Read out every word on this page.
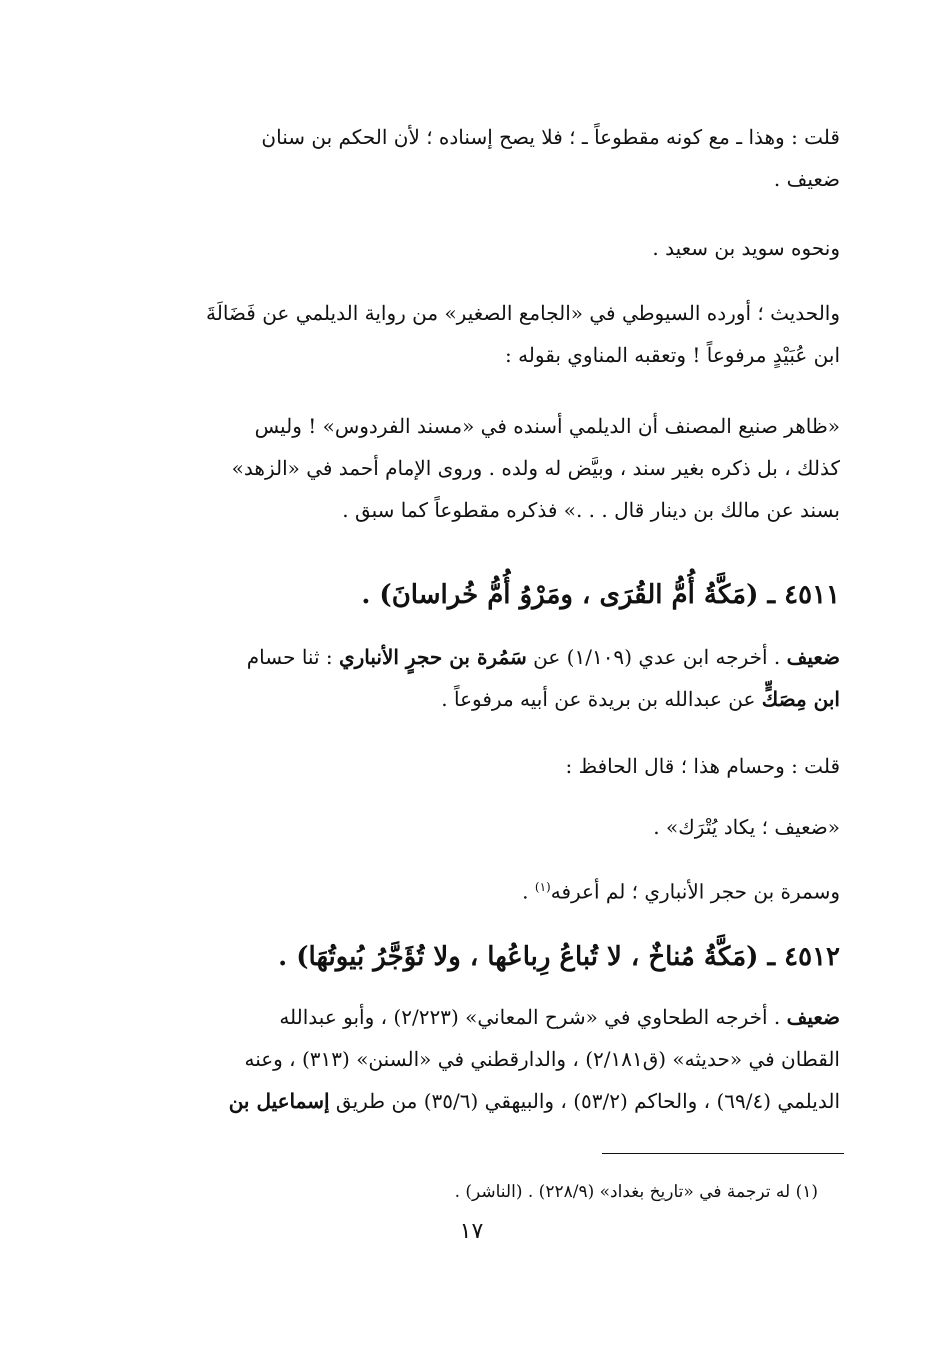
قلت : وهذا ـ مع كونه مقطوعاً ـ ؛ فلا يصح إسناده ؛ لأن الحكم بن سنان
ضعيف .

ونحوه سويد بن سعيد .

والحديث ؛ أورده السيوطي في «الجامع الصغير» من رواية الديلمي عن فَضَالَةَ
ابن عُبَيْدٍ مرفوعاً ! وتعقبه المناوي بقوله :

«ظاهر صنيع المصنف أن الديلمي أسنده في «مسند الفردوس» ! وليس
كذلك ، بل ذكره بغير سند ، وبيَّض له ولده . وروى الإمام أحمد في «الزهد»
بسند عن مالك بن دينار قال . . .» فذكره مقطوعاً كما سبق .

٤٥١١ ـ (مَكَّةُ أُمُّ القُرَى ، ومَرْوُ أُمُّ خُراسانَ) .

ضعيف . أخرجه ابن عدي (١/١٠٩) عن سَمُرة بن حجرٍ الأنباري : ثنا حسام
ابن مِصَكٍّ عن عبدالله بن بريدة عن أبيه مرفوعاً .

قلت : وحسام هذا ؛ قال الحافظ :

«ضعيف ؛ يكاد يُتْرَك» .

وسمرة بن حجر الأنباري ؛ لم أعرفه$^{(١)}$ .

٤٥١٢ ـ (مَكَّةُ مُناخٌ ، لا تُباعُ رِباعُها ، ولا تُؤَجَّرُ بُيوتُهَا) .

ضعيف . أخرجه الطحاوي في «شرح المعاني» (٢/٢٢٣) ، وأبو عبدالله
القطان في «حديثه» (ق٢/١٨١) ، والدارقطني في «السنن» (٣١٣) ، وعنه
الديلمي (٦٩/٤) ، والحاكم (٥٣/٢) ، والبيهقي (٣٥/٦) من طريق إسماعيل بن

(١) له ترجمة في «تاريخ بغداد» (٢٢٨/٩) . (الناشر) .

١٧
